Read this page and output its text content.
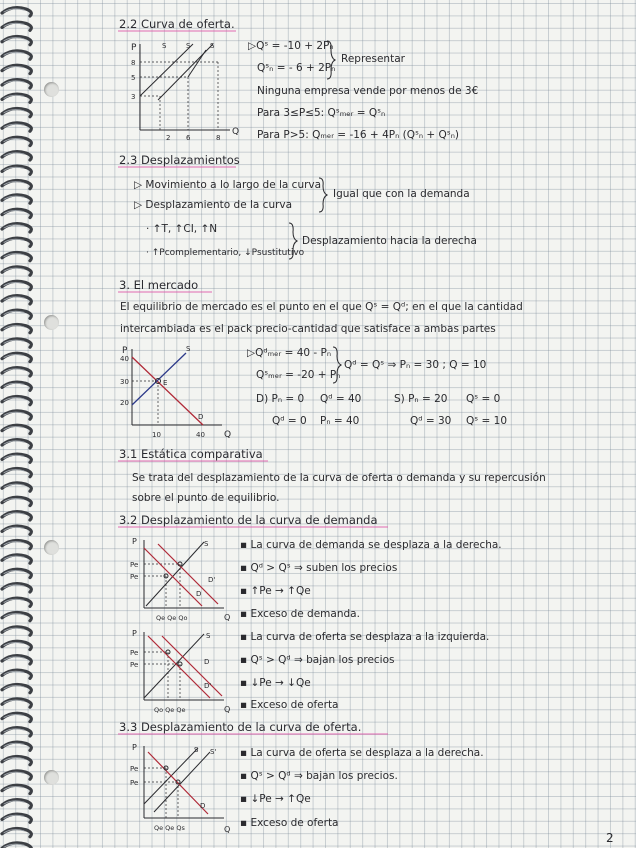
2.2 Curva de oferta.
P
Q
8
5
3
2 6	8
S	S	S	▷Qˢ = -10 + 2Pₙ
Qˢₙ = - 6 + 2Pₙ
Representar
Ninguna empresa vende por menos de 3€
Para 3≤P≤5: Qˢₘₑᵣ = Qˢₙ
Para P>5: Qₘₑᵣ = -16 + 4Pₙ (Qˢₙ + Qˢₙ)
2.3 Desplazamientos
▷ Movimiento a lo largo de la curva
▷ Desplazamiento de la curva
Igual que con la demanda
· ↑T, ↑CI, ↑N
· ↑Pcomplementario, ↓Psustitutivo
Desplazamiento hacia la derecha
3. El mercado
El equilibrio de mercado es el punto en el que Qˢ = Qᵈ; en el que la cantidad
intercambiada es el pack precio-cantidad que satisface a ambas partes
P
Q
40
30
20
10	40
S
D
E
▷Qᵈₘₑᵣ = 40 - Pₙ
Qˢₘₑᵣ = -20 + Pₙ
Qᵈ = Qˢ ⇒ Pₙ = 30 ; Q = 10
D) Pₙ = 0 Qᵈ = 40
Qᵈ = 0 Pₙ = 40
S) Pₙ = 20 Qˢ = 0
Qᵈ = 30 Qˢ = 10
3.1 Estática comparativa
Se trata del desplazamiento de la curva de oferta o demanda y su repercusión
sobre el punto de equilibrio.
3.2 Desplazamiento de la curva de demanda
P
Q
Pe
Pe
Qe Qe Qo
S
D
D'
▪ La curva de demanda se desplaza a la derecha.
▪ Qᵈ > Qˢ ⇒ suben los precios
▪ ↑Pe → ↑Qe
▪ Exceso de demanda.
P
Q
Pe
Pe
Qo Qe Qe
S
D
D'
▪ La curva de oferta se desplaza a la izquierda.
▪ Qˢ > Qᵈ ⇒ bajan los precios
▪ ↓Pe → ↓Qe
▪ Exceso de oferta
3.3 Desplazamiento de la curva de oferta.
P
Q
Pe
Pe
Qe Qe Qs
S S'
D
▪ La curva de oferta se desplaza a la derecha.
▪ Qˢ > Qᵈ ⇒ bajan los precios.
▪ ↓Pe → ↑Qe
▪ Exceso de oferta
2
